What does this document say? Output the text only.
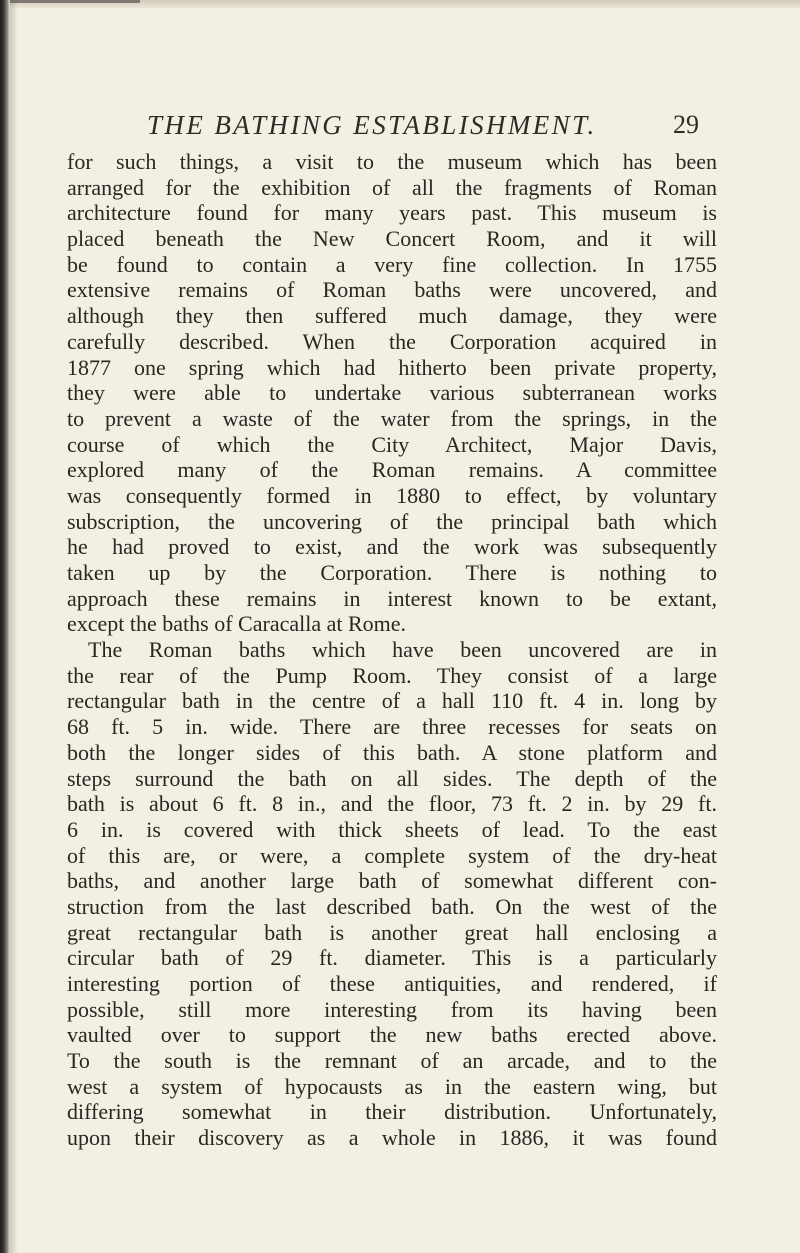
THE BATHING ESTABLISHMENT.	29
for such things, a visit to the museum which has been
arranged for the exhibition of all the fragments of Roman
architecture found for many years past. This museum is
placed beneath the New Concert Room, and it will
be found to contain a very fine collection. In 1755
extensive remains of Roman baths were uncovered, and
although they then suffered much damage, they were
carefully described. When the Corporation acquired in
1877 one spring which had hitherto been private property,
they were able to undertake various subterranean works
to prevent a waste of the water from the springs, in the
course of which the City Architect, Major Davis,
explored many of the Roman remains. A committee
was consequently formed in 1880 to effect, by voluntary
subscription, the uncovering of the principal bath which
he had proved to exist, and the work was subsequently
taken up by the Corporation. There is nothing to
approach these remains in interest known to be extant,
except the baths of Caracalla at Rome.
The Roman baths which have been uncovered are in
the rear of the Pump Room. They consist of a large
rectangular bath in the centre of a hall 110 ft. 4 in. long by
68 ft. 5 in. wide. There are three recesses for seats on
both the longer sides of this bath. A stone platform and
steps surround the bath on all sides. The depth of the
bath is about 6 ft. 8 in., and the floor, 73 ft. 2 in. by 29 ft.
6 in. is covered with thick sheets of lead. To the east
of this are, or were, a complete system of the dry-heat
baths, and another large bath of somewhat different con-
struction from the last described bath. On the west of the
great rectangular bath is another great hall enclosing a
circular bath of 29 ft. diameter. This is a particularly
interesting portion of these antiquities, and rendered, if
possible, still more interesting from its having been
vaulted over to support the new baths erected above.
To the south is the remnant of an arcade, and to the
west a system of hypocausts as in the eastern wing, but
differing somewhat in their distribution. Unfortunately,
upon their discovery as a whole in 1886, it was found
